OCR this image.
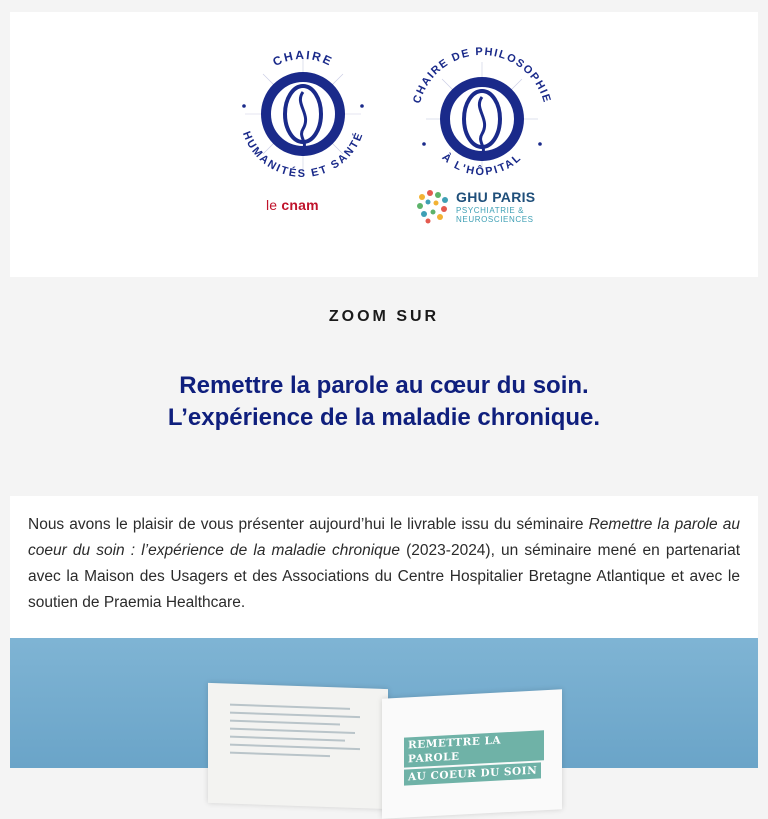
CHAIRE
HUMANITÉS ET SANTÉ
le cnam
CHAIRE DE PHILOSOPHIE
À L'HÔPITAL
GHU PARIS
PSYCHIATRIE &
NEUROSCIENCES
ZOOM SUR
Remettre la parole au cœur du soin.
L’expérience de la maladie chronique.
Nous avons le plaisir de vous présenter aujourd’hui le livrable issu du séminaire Remettre la parole au coeur du soin : l’expérience de la maladie chronique (2023-2024), un séminaire mené en partenariat avec la Maison des Usagers et des Associations du Centre Hospitalier Bretagne Atlantique et avec le soutien de Praemia Healthcare.
REMETTRE LA PAROLE
AU COEUR DU SOIN
